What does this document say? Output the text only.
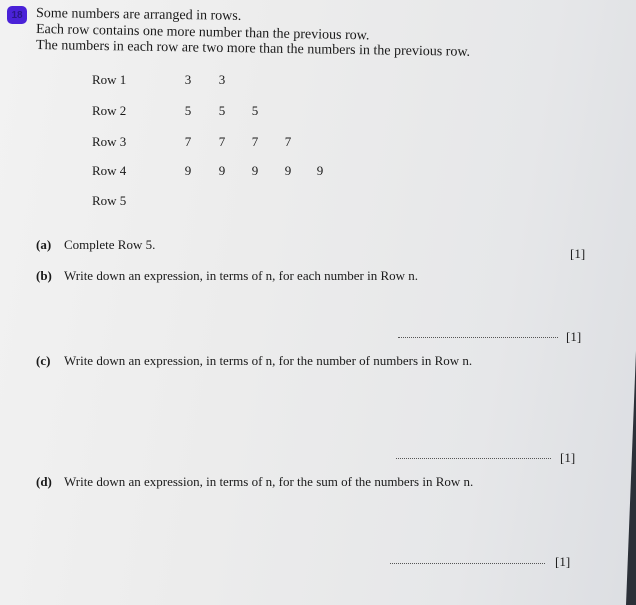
18 Some numbers are arranged in rows.
Each row contains one more number than the previous row.
The numbers in each row are two more than the numbers in the previous row.
Row 1	3 3
Row 2	5 5 5
Row 3	7 7 7 7
Row 4	9 9 9 9 9
Row 5
(a) Complete Row 5.
[1]
(b) Write down an expression, in terms of n, for each number in Row n.
[1]
(c) Write down an expression, in terms of n, for the number of numbers in Row n.
[1]
(d) Write down an expression, in terms of n, for the sum of the numbers in Row n.
[1]
